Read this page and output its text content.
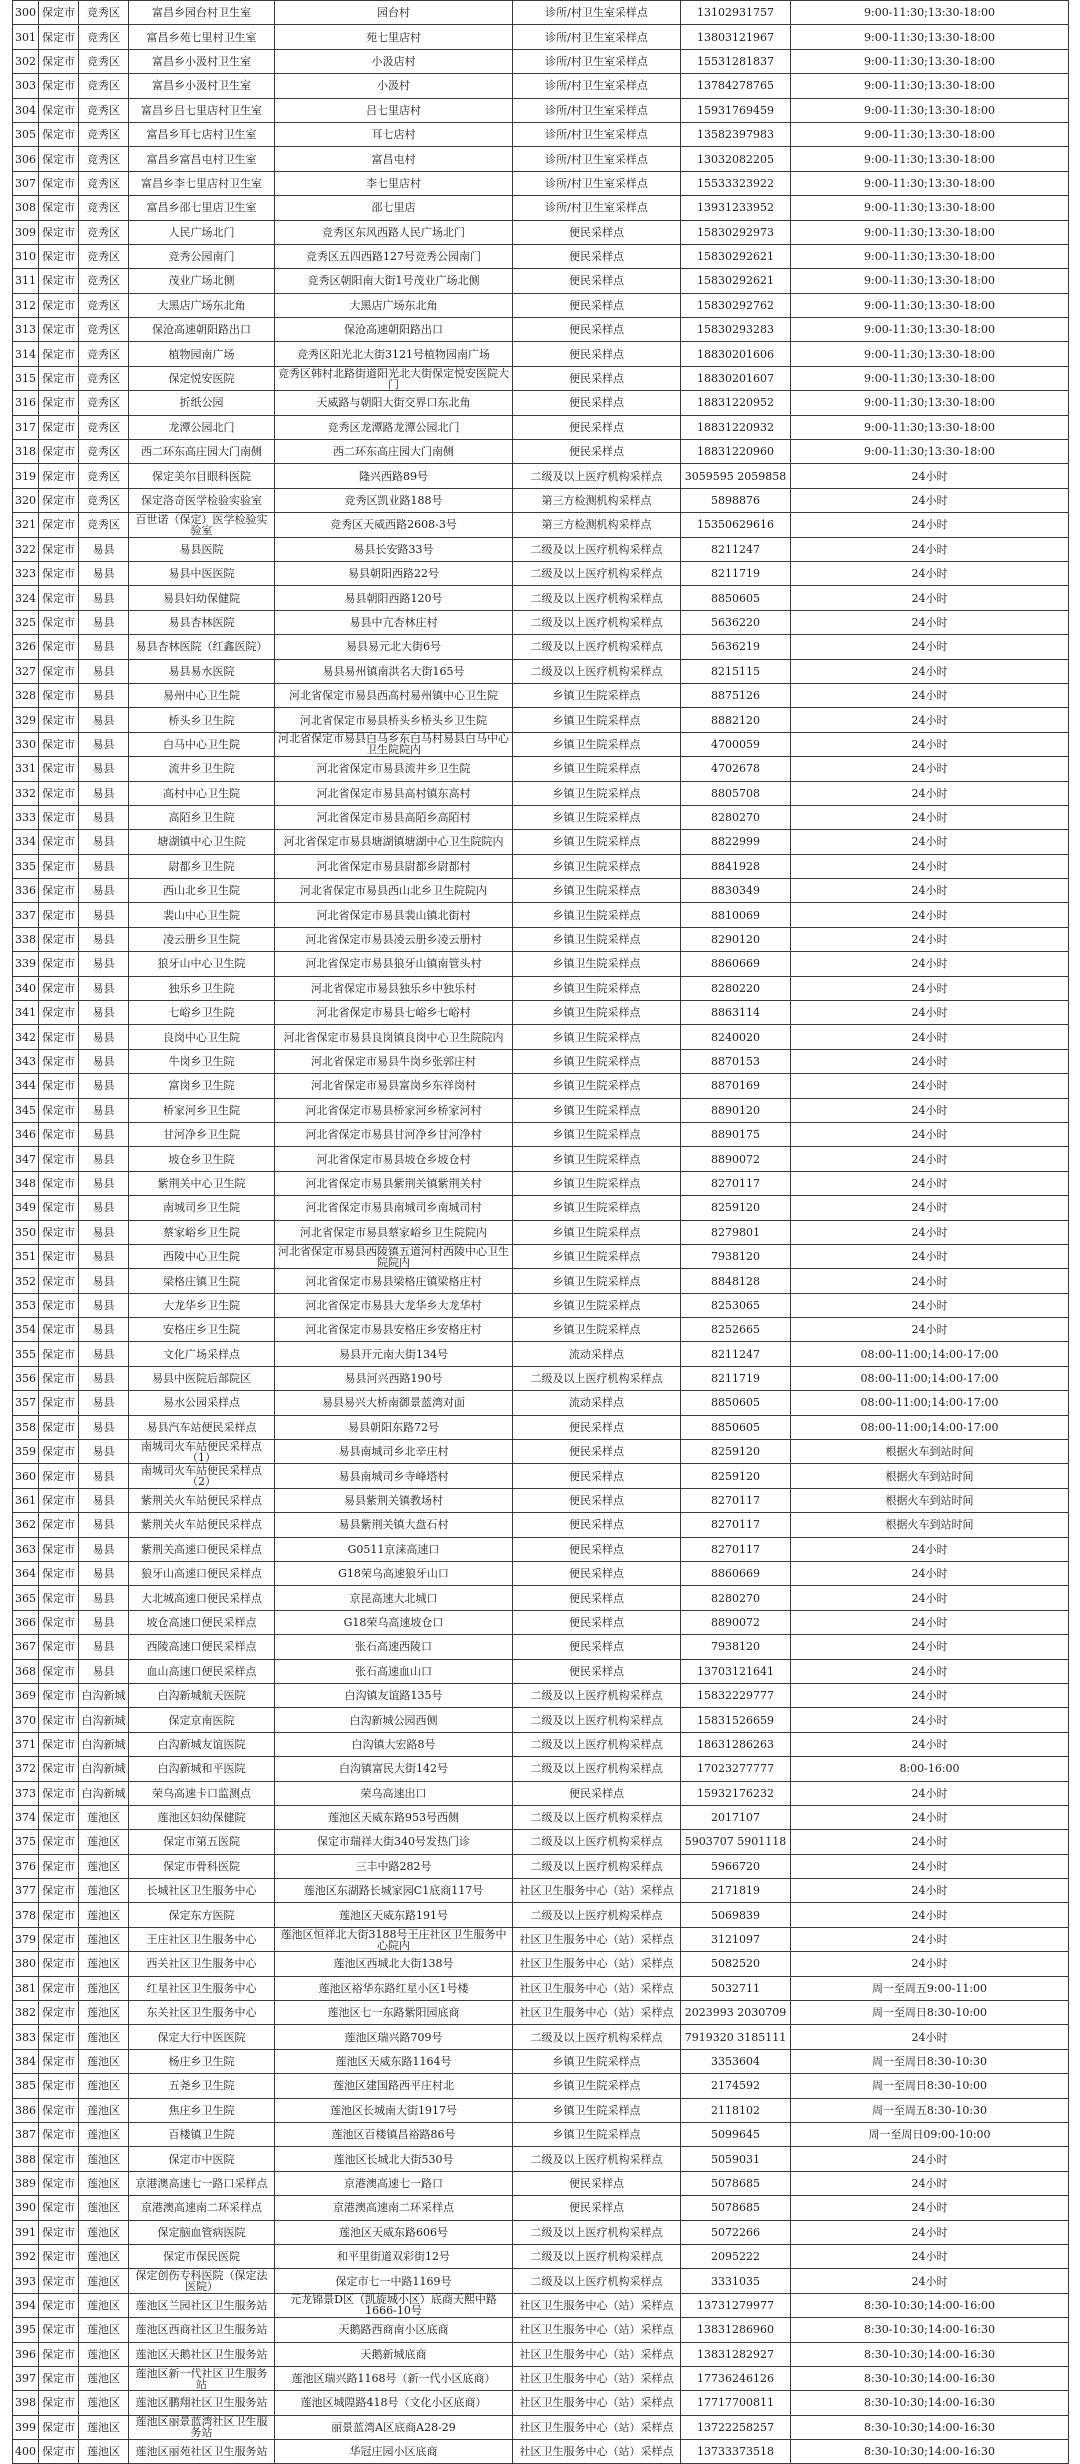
300	保定市	竞秀区	富昌乡园台村卫生室	园台村	诊所/村卫生室采样点	13102931757	9:00-11:30;13:30-18:00
301	保定市	竞秀区	富昌乡苑七里村卫生室	苑七里店村	诊所/村卫生室采样点	13803121967	9:00-11:30;13:30-18:00
302	保定市	竞秀区	富昌乡小汲村卫生室	小汲店村	诊所/村卫生室采样点	15531281837	9:00-11:30;13:30-18:00
303	保定市	竞秀区	富昌乡小汲村卫生室	小汲村	诊所/村卫生室采样点	13784278765	9:00-11:30;13:30-18:00
304	保定市	竞秀区	富昌乡吕七里店村卫生室	吕七里店村	诊所/村卫生室采样点	15931769459	9:00-11:30;13:30-18:00
305	保定市	竞秀区	富昌乡耳七店村卫生室	耳七店村	诊所/村卫生室采样点	13582397983	9:00-11:30;13:30-18:00
306	保定市	竞秀区	富昌乡富昌屯村卫生室	富昌屯村	诊所/村卫生室采样点	13032082205	9:00-11:30;13:30-18:00
307	保定市	竞秀区	富昌乡李七里店村卫生室	李七里店村	诊所/村卫生室采样点	15533323922	9:00-11:30;13:30-18:00
308	保定市	竞秀区	富昌乡邵七里店卫生室	邵七里店	诊所/村卫生室采样点	13931233952	9:00-11:30;13:30-18:00
309	保定市	竞秀区	人民广场北门	竞秀区东风西路人民广场北门	便民采样点	15830292973	9:00-11:30;13:30-18:00
310	保定市	竞秀区	竞秀公园南门	竞秀区五四西路127号竞秀公园南门	便民采样点	15830292621	9:00-11:30;13:30-18:00
311	保定市	竞秀区	茂业广场北侧	竞秀区朝阳南大街1号茂业广场北侧	便民采样点	15830292621	9:00-11:30;13:30-18:00
312	保定市	竞秀区	大黑店广场东北角	大黑店广场东北角	便民采样点	15830292762	9:00-11:30;13:30-18:00
313	保定市	竞秀区	保沧高速朝阳路出口	保沧高速朝阳路出口	便民采样点	15830293283	9:00-11:30;13:30-18:00
314	保定市	竞秀区	植物园南广场	竞秀区阳光北大街3121号植物园南广场	便民采样点	18830201606	9:00-11:30;13:30-18:00
315	保定市	竞秀区	保定悦安医院	竞秀区韩村北路街道阳光北大街保定悦安医院大门	便民采样点	18830201607	9:00-11:30;13:30-18:00
316	保定市	竞秀区	折纸公园	天威路与朝阳大街交界口东北角	便民采样点	18831220952	9:00-11:30;13:30-18:00
317	保定市	竞秀区	龙潭公园北门	竞秀区龙潭路龙潭公园北门	便民采样点	18831220932	9:00-11:30;13:30-18:00
318	保定市	竞秀区	西二环东高庄园大门南侧	西二环东高庄园大门南侧	便民采样点	18831220960	9:00-11:30;13:30-18:00
319	保定市	竞秀区	保定美尔目眼科医院	隆兴西路89号	二级及以上医疗机构采样点	3059595 2059858	24小时
320	保定市	竞秀区	保定洛奇医学检验实验室	竞秀区凯业路188号	第三方检测机构采样点	5898876	24小时
321	保定市	竞秀区	百世诺（保定）医学检验实验室	竞秀区天威西路2608-3号	第三方检测机构采样点	15350629616	24小时
322	保定市	易县	易县医院	易县长安路33号	二级及以上医疗机构采样点	8211247	24小时
323	保定市	易县	易县中医医院	易县朝阳西路22号	二级及以上医疗机构采样点	8211719	24小时
324	保定市	易县	易县妇幼保健院	易县朝阳西路120号	二级及以上医疗机构采样点	8850605	24小时
325	保定市	易县	易县杏林医院	易县中亢杏林庄村	二级及以上医疗机构采样点	5636220	24小时
326	保定市	易县	易县杏林医院（红鑫医院）	易县易元北大街6号	二级及以上医疗机构采样点	5636219	24小时
327	保定市	易县	易县易水医院	易县易州镇南洪名大街165号	二级及以上医疗机构采样点	8215115	24小时
328	保定市	易县	易州中心卫生院	河北省保定市易县西高村易州镇中心卫生院	乡镇卫生院采样点	8875126	24小时
329	保定市	易县	桥头乡卫生院	河北省保定市易县桥头乡桥头乡卫生院	乡镇卫生院采样点	8882120	24小时
330	保定市	易县	白马中心卫生院	河北省保定市易县白马乡东白马村易县白马中心卫生院院内	乡镇卫生院采样点	4700059	24小时
331	保定市	易县	流井乡卫生院	河北省保定市易县流井乡卫生院	乡镇卫生院采样点	4702678	24小时
332	保定市	易县	高村中心卫生院	河北省保定市易县高村镇东高村	乡镇卫生院采样点	8805708	24小时
333	保定市	易县	高陌乡卫生院	河北省保定市易县高陌乡高陌村	乡镇卫生院采样点	8280270	24小时
334	保定市	易县	塘湖镇中心卫生院	河北省保定市易县塘湖镇塘湖中心卫生院院内	乡镇卫生院采样点	8822999	24小时
335	保定市	易县	尉都乡卫生院	河北省保定市易县尉都乡尉都村	乡镇卫生院采样点	8841928	24小时
336	保定市	易县	西山北乡卫生院	河北省保定市易县西山北乡卫生院院内	乡镇卫生院采样点	8830349	24小时
337	保定市	易县	裴山中心卫生院	河北省保定市易县裴山镇北街村	乡镇卫生院采样点	8810069	24小时
338	保定市	易县	凌云册乡卫生院	河北省保定市易县凌云册乡凌云册村	乡镇卫生院采样点	8290120	24小时
339	保定市	易县	狼牙山中心卫生院	河北省保定市易县狼牙山镇南管头村	乡镇卫生院采样点	8860669	24小时
340	保定市	易县	独乐乡卫生院	河北省保定市易县独乐乡中独乐村	乡镇卫生院采样点	8280220	24小时
341	保定市	易县	七峪乡卫生院	河北省保定市易县七峪乡七峪村	乡镇卫生院采样点	8863114	24小时
342	保定市	易县	良岗中心卫生院	河北省保定市易县良岗镇良岗中心卫生院院内	乡镇卫生院采样点	8240020	24小时
343	保定市	易县	牛岗乡卫生院	河北省保定市易县牛岗乡张郭庄村	乡镇卫生院采样点	8870153	24小时
344	保定市	易县	富岗乡卫生院	河北省保定市易县富岗乡东祥岗村	乡镇卫生院采样点	8870169	24小时
345	保定市	易县	桥家河乡卫生院	河北省保定市易县桥家河乡桥家河村	乡镇卫生院采样点	8890120	24小时
346	保定市	易县	甘河净乡卫生院	河北省保定市易县甘河净乡甘河净村	乡镇卫生院采样点	8890175	24小时
347	保定市	易县	坡仓乡卫生院	河北省保定市易县坡仓乡坡仓村	乡镇卫生院采样点	8890072	24小时
348	保定市	易县	紫荆关中心卫生院	河北省保定市易县紫荆关镇紫荆关村	乡镇卫生院采样点	8270117	24小时
349	保定市	易县	南城司乡卫生院	河北省保定市易县南城司乡南城司村	乡镇卫生院采样点	8259120	24小时
350	保定市	易县	蔡家峪乡卫生院	河北省保定市易县蔡家峪乡卫生院院内	乡镇卫生院采样点	8279801	24小时
351	保定市	易县	西陵中心卫生院	河北省保定市易县西陵镇五道河村西陵中心卫生院院内	乡镇卫生院采样点	7938120	24小时
352	保定市	易县	梁格庄镇卫生院	河北省保定市易县梁格庄镇梁格庄村	乡镇卫生院采样点	8848128	24小时
353	保定市	易县	大龙华乡卫生院	河北省保定市易县大龙华乡大龙华村	乡镇卫生院采样点	8253065	24小时
354	保定市	易县	安格庄乡卫生院	河北省保定市易县安格庄乡安格庄村	乡镇卫生院采样点	8252665	24小时
355	保定市	易县	文化广场采样点	易县开元南大街134号	流动采样点	8211247	08:00-11:00;14:00-17:00
356	保定市	易县	易县中医院后部院区	易县河兴西路190号	二级及以上医疗机构采样点	8211719	08:00-11:00;14:00-17:00
357	保定市	易县	易水公园采样点	易县易兴大桥南御景蓝湾对面	流动采样点	8850605	08:00-11:00;14:00-17:00
358	保定市	易县	易县汽车站便民采样点	易县朝阳东路72号	便民采样点	8850605	08:00-11:00;14:00-17:00
359	保定市	易县	南城司火车站便民采样点（1）	易县南城司乡北辛庄村	便民采样点	8259120	根据火车到站时间
360	保定市	易县	南城司火车站便民采样点（2）	易县南城司乡寺峰塔村	便民采样点	8259120	根据火车到站时间
361	保定市	易县	紫荆关火车站便民采样点	易县紫荆关镇教场村	便民采样点	8270117	根据火车到站时间
362	保定市	易县	紫荆关火车站便民采样点	易县紫荆关镇大盘石村	便民采样点	8270117	根据火车到站时间
363	保定市	易县	紫荆关高速口便民采样点	G0511京涞高速口	便民采样点	8270117	24小时
364	保定市	易县	狼牙山高速口便民采样点	G18荣乌高速狼牙山口	便民采样点	8860669	24小时
365	保定市	易县	大北城高速口便民采样点	京昆高速大北城口	便民采样点	8280270	24小时
366	保定市	易县	坡仓高速口便民采样点	G18荣乌高速坡仓口	便民采样点	8890072	24小时
367	保定市	易县	西陵高速口便民采样点	张石高速西陵口	便民采样点	7938120	24小时
368	保定市	易县	血山高速口便民采样点	张石高速血山口	便民采样点	13703121641	24小时
369	保定市	白沟新城	白沟新城航天医院	白沟镇友谊路135号	二级及以上医疗机构采样点	15832229777	24小时
370	保定市	白沟新城	保定京南医院	白沟新城公园西侧	二级及以上医疗机构采样点	15831526659	24小时
371	保定市	白沟新城	白沟新城友谊医院	白沟镇大宏路8号	二级及以上医疗机构采样点	18631286263	24小时
372	保定市	白沟新城	白沟新城和平医院	白沟镇富民大街142号	二级及以上医疗机构采样点	17023277777	8:00-16:00
373	保定市	白沟新城	荣乌高速卡口监测点	荣乌高速出口	便民采样点	15932176232	24小时
374	保定市	莲池区	莲池区妇幼保健院	莲池区天威东路953号西侧	二级及以上医疗机构采样点	2017107	24小时
375	保定市	莲池区	保定市第五医院	保定市瑞祥大街340号发热门诊	二级及以上医疗机构采样点	5903707 5901118	24小时
376	保定市	莲池区	保定市骨科医院	三丰中路282号	二级及以上医疗机构采样点	5966720	24小时
377	保定市	莲池区	长城社区卫生服务中心	莲池区东湖路长城家园C1底商117号	社区卫生服务中心（站）采样点	2171819	24小时
378	保定市	莲池区	保定东方医院	莲池区天威东路191号	二级及以上医疗机构采样点	5069839	24小时
379	保定市	莲池区	王庄社区卫生服务中心	莲池区恒祥北大街3188号王庄社区卫生服务中心院内	社区卫生服务中心（站）采样点	3121097	24小时
380	保定市	莲池区	西关社区卫生服务中心	莲池区西城北大街138号	社区卫生服务中心（站）采样点	5082520	24小时
381	保定市	莲池区	红星社区卫生服务中心	莲池区裕华东路红星小区1号楼	社区卫生服务中心（站）采样点	5032711	周一至周五9:00-11:00
382	保定市	莲池区	东关社区卫生服务中心	莲池区七一东路紫阳园底商	社区卫生服务中心（站）采样点	2023993 2030709	周一至周日8:30-10:00
383	保定市	莲池区	保定大行中医医院	莲池区瑞兴路709号	二级及以上医疗机构采样点	7919320 3185111	24小时
384	保定市	莲池区	杨庄乡卫生院	莲池区天威东路1164号	乡镇卫生院采样点	3353604	周一至周日8:30-10:30
385	保定市	莲池区	五尧乡卫生院	莲池区建国路西平庄村北	乡镇卫生院采样点	2174592	周一至周日8:30-10:00
386	保定市	莲池区	焦庄乡卫生院	莲池区长城南大街1917号	乡镇卫生院采样点	2118102	周一至周五8:30-10:30
387	保定市	莲池区	百楼镇卫生院	莲池区百楼镇昌裕路86号	乡镇卫生院采样点	5099645	周一至周日09:00-10:00
388	保定市	莲池区	保定市中医院	莲池区长城北大街530号	二级及以上医疗机构采样点	5059031	24小时
389	保定市	莲池区	京港澳高速七一路口采样点	京港澳高速七一路口	便民采样点	5078685	24小时
390	保定市	莲池区	京港澳高速南二环采样点	京港澳高速南二环采样点	便民采样点	5078685	24小时
391	保定市	莲池区	保定脑血管病医院	莲池区天威东路606号	二级及以上医疗机构采样点	5072266	24小时
392	保定市	莲池区	保定市保民医院	和平里街道双彩街12号	二级及以上医疗机构采样点	2095222	24小时
393	保定市	莲池区	保定创伤专科医院（保定法医院）	保定市七一中路1169号	二级及以上医疗机构采样点	3331035	24小时
394	保定市	莲池区	莲池区兰园社区卫生服务站	元龙锦景D区（凯旋城小区）底商天熙中路1666-10号	社区卫生服务中心（站）采样点	13731279977	8:30-10:30;14:00-16:00
395	保定市	莲池区	莲池区西商社区卫生服务站	天鹅路西商南小区底商	社区卫生服务中心（站）采样点	13831286960	8:30-10:30;14:00-16:30
396	保定市	莲池区	莲池区天鹅社区卫生服务站	天鹅新城底商	社区卫生服务中心（站）采样点	13831282927	8:30-10:30;14:00-16:30
397	保定市	莲池区	莲池区新一代社区卫生服务站	莲池区瑞兴路1168号（新一代小区底商）	社区卫生服务中心（站）采样点	17736246126	8:30-10:30;14:00-16:30
398	保定市	莲池区	莲池区鹏翔社区卫生服务站	莲池区城隍路418号（文化小区底商）	社区卫生服务中心（站）采样点	17717700811	8:30-10:30;14:00-16:30
399	保定市	莲池区	莲池区丽景蓝湾社区卫生服务站	丽景蓝湾A区底商A28-29	社区卫生服务中心（站）采样点	13722258257	8:30-10:30;14:00-16:30
400	保定市	莲池区	莲池区丽苑社区卫生服务站	华冠庄园小区底商	社区卫生服务中心（站）采样点	13733373518	8:30-10:30;14:00-16:30
